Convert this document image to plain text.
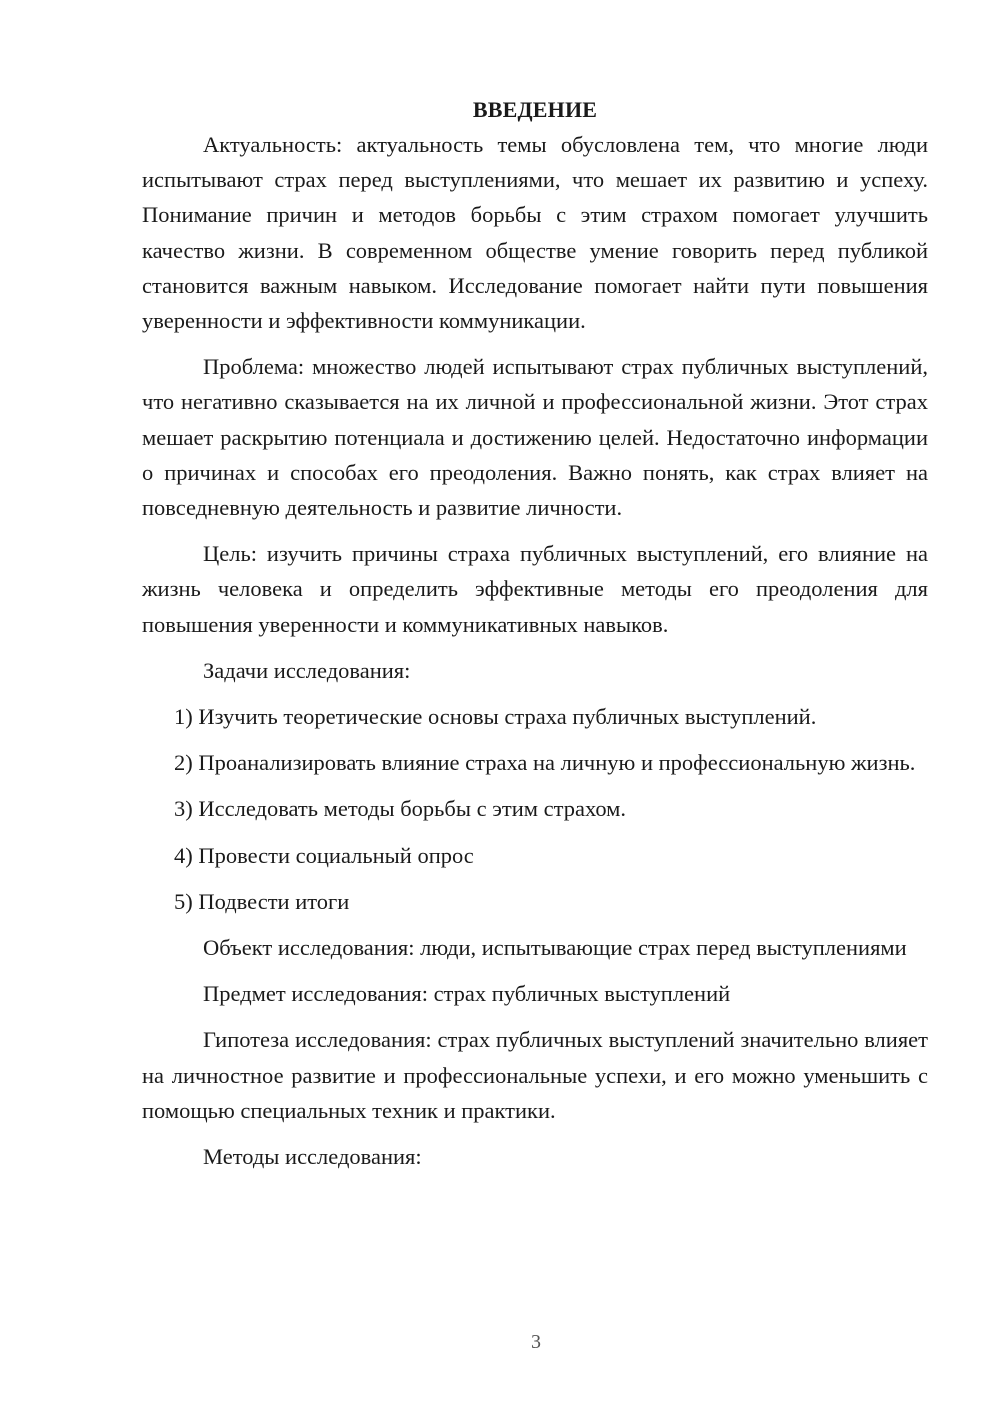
ВВЕДЕНИЕ

Актуальность: актуальность темы обусловлена тем, что многие люди испытывают страх перед выступлениями, что мешает их развитию и успеху. Понимание причин и методов борьбы с этим страхом помогает улучшить качество жизни. В современном обществе умение говорить перед публикой становится важным навыком. Исследование помогает найти пути повышения уверенности и эффективности коммуникации.

Проблема: множество людей испытывают страх публичных выступлений, что негативно сказывается на их личной и профессиональной жизни. Этот страх мешает раскрытию потенциала и достижению целей. Недостаточно информации о причинах и способах его преодоления. Важно понять, как страх влияет на повседневную деятельность и развитие личности.

Цель: изучить причины страха публичных выступлений, его влияние на жизнь человека и определить эффективные методы его преодоления для повышения уверенности и коммуникативных навыков.

Задачи исследования:

1) Изучить теоретические основы страха публичных выступлений.

2) Проанализировать влияние страха на личную и профессиональную жизнь.

3) Исследовать методы борьбы с этим страхом.

4) Провести социальный опрос

5) Подвести итоги

Объект исследования: люди, испытывающие страх перед выступлениями

Предмет исследования: страх публичных выступлений

Гипотеза исследования: страх публичных выступлений значительно влияет на личностное развитие и профессиональные успехи, и его можно уменьшить с помощью специальных техник и практики.

Методы исследования:

3
